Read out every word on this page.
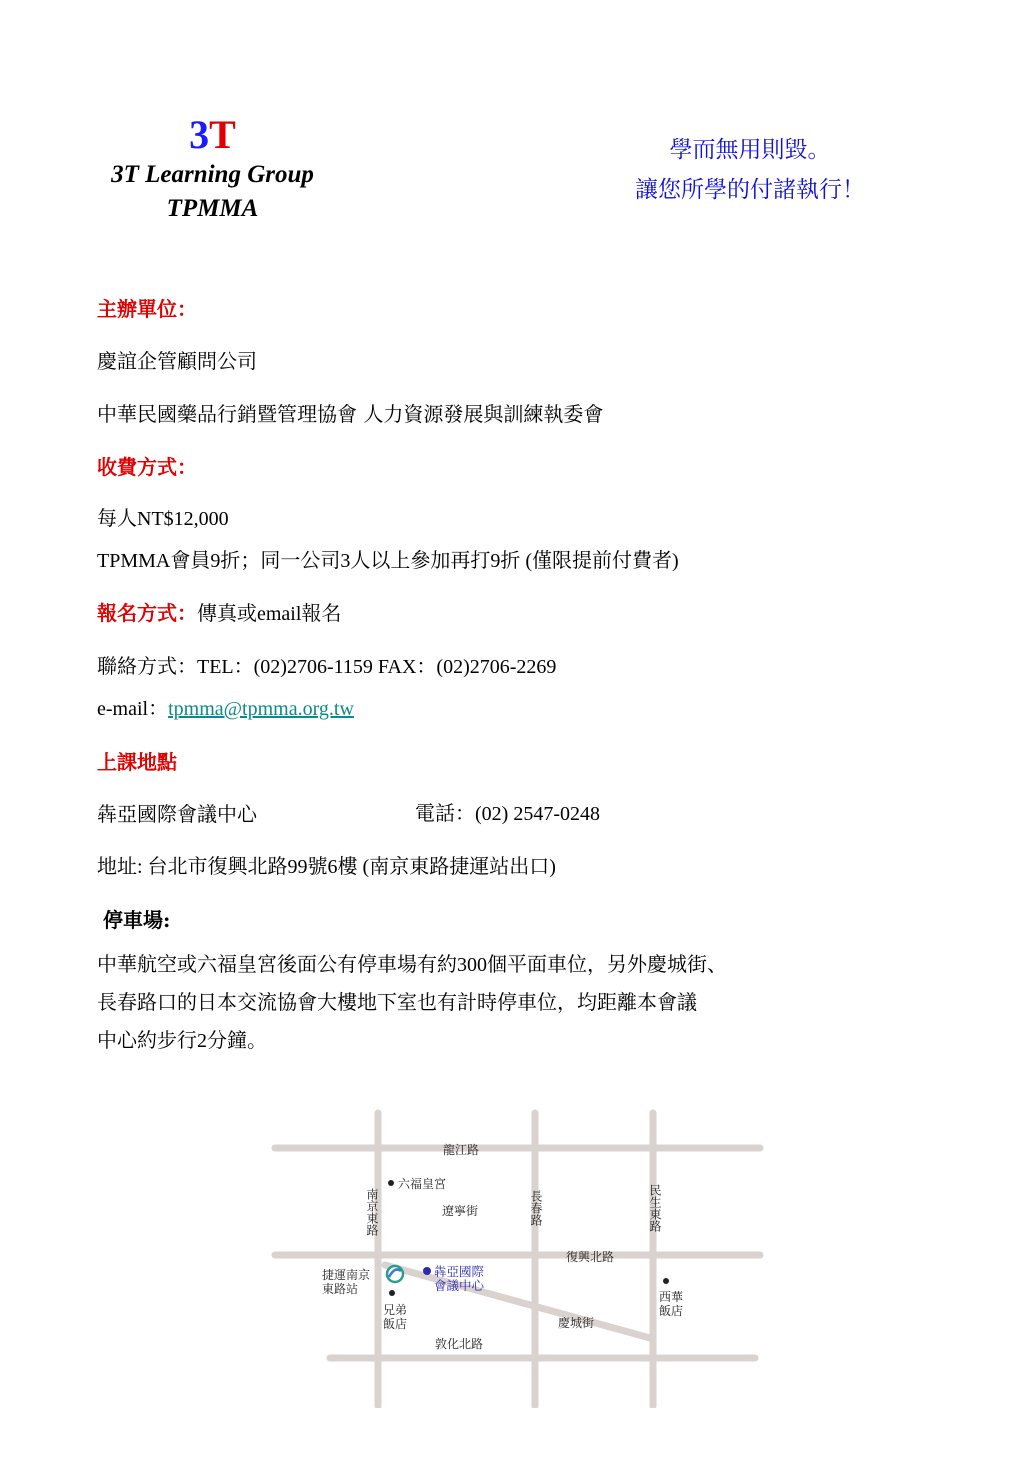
3T
3T Learning Group
TPMMA
學而無用則毀。
讓您所學的付諸執行！
主辦單位：
慶誼企管顧問公司
中華民國藥品行銷暨管理協會 人力資源發展與訓練執委會
收費方式：
每人NT$12,000
TPMMA會員9折；同一公司3人以上參加再打9折 (僅限提前付費者)
報名方式：傳真或email報名
聯絡方式：TEL：(02)2706-1159 FAX：(02)2706-2269
e-mail：tpmma@tpmma.org.tw
上課地點
犇亞國際會議中心	電話：(02) 2547-0248
地址: 台北市復興北路99號6樓 (南京東路捷運站出口)
停車場:
中華航空或六福皇宮後面公有停車場有約300個平面車位，另外慶城街、
長春路口的日本交流協會大樓地下室也有計時停車位，均距離本會議
中心約步行2分鐘。
龍江路
遼寧街
復興北路
慶城街
敦化北路
南京東路	長春路	民生東路
六福皇宮
捷運南京
東路站
兄弟
飯店
西華
飯店
犇亞國際
會議中心
